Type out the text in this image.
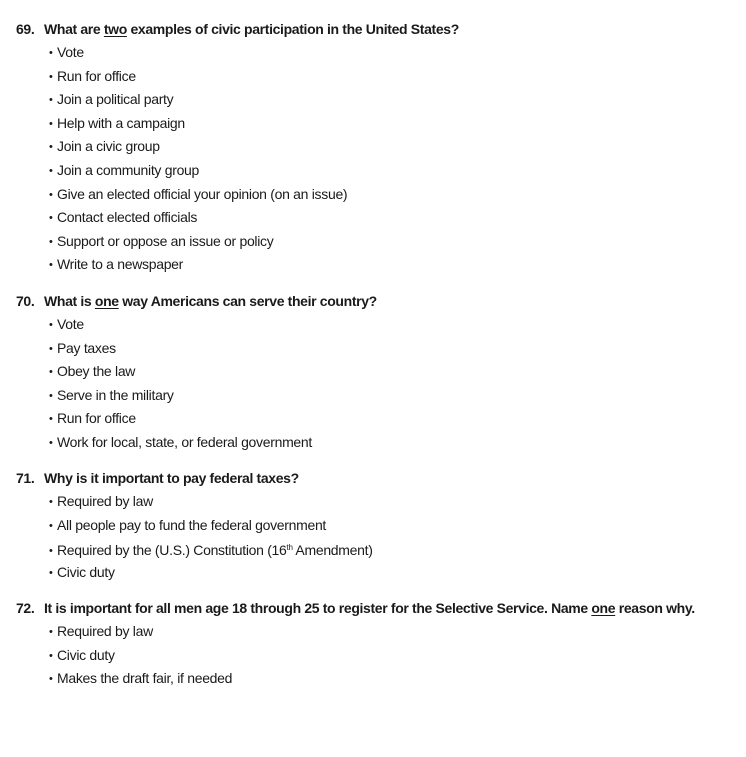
69. What are two examples of civic participation in the United States?
• Vote
• Run for office
• Join a political party
• Help with a campaign
• Join a civic group
• Join a community group
• Give an elected official your opinion (on an issue)
• Contact elected officials
• Support or oppose an issue or policy
• Write to a newspaper
70. What is one way Americans can serve their country?
• Vote
• Pay taxes
• Obey the law
• Serve in the military
• Run for office
• Work for local, state, or federal government
71. Why is it important to pay federal taxes?
• Required by law
• All people pay to fund the federal government
• Required by the (U.S.) Constitution (16th Amendment)
• Civic duty
72. It is important for all men age 18 through 25 to register for the Selective Service. Name one reason why.
• Required by law
• Civic duty
• Makes the draft fair, if needed
